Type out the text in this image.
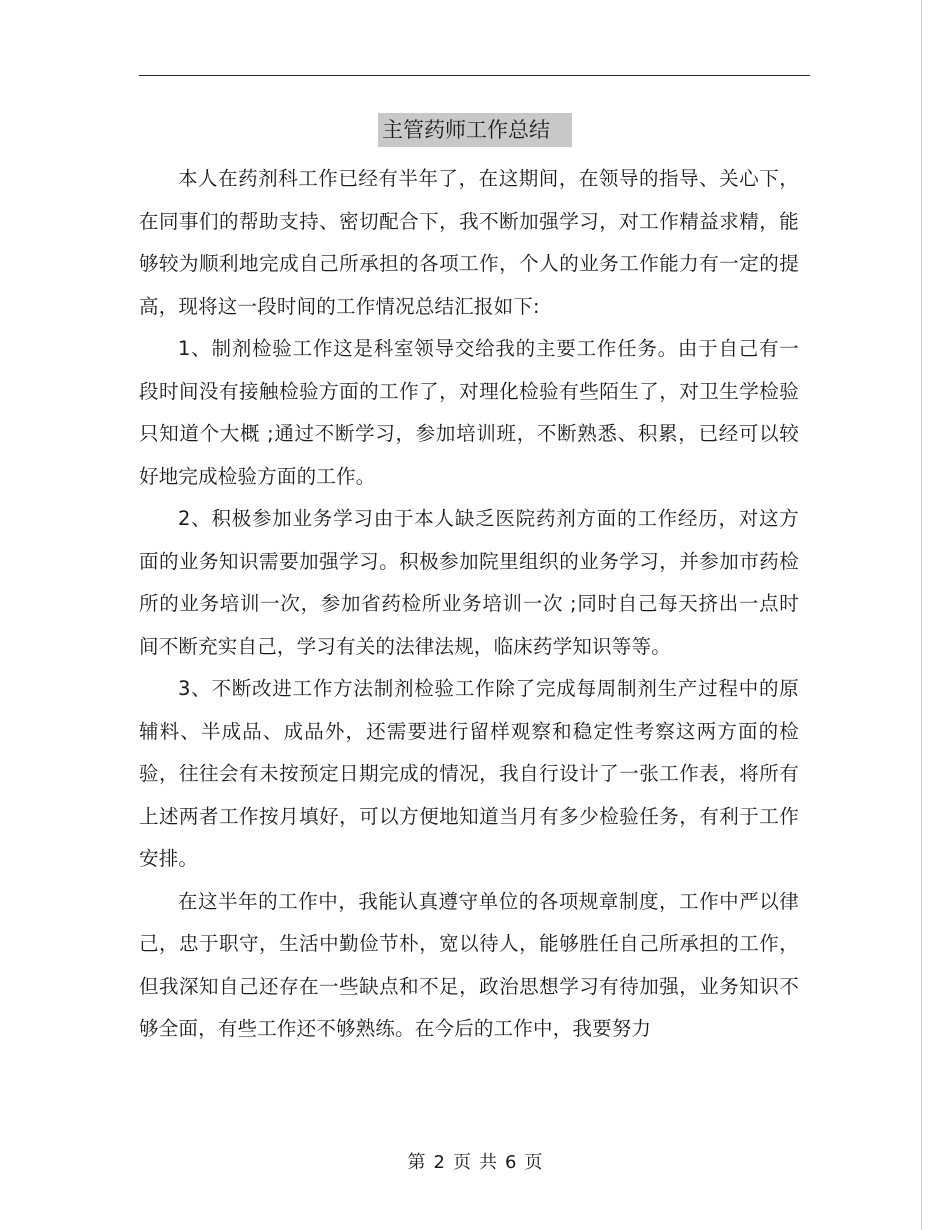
主管药师工作总结

本人在药剂科工作已经有半年了，在这期间，在领导的指导、关心下，在同事们的帮助支持、密切配合下，我不断加强学习，对工作精益求精，能够较为顺利地完成自己所承担的各项工作，个人的业务工作能力有一定的提高，现将这一段时间的工作情况总结汇报如下:

1、制剂检验工作这是科室领导交给我的主要工作任务。由于自己有一段时间没有接触检验方面的工作了，对理化检验有些陌生了，对卫生学检验只知道个大概 ;通过不断学习，参加培训班，不断熟悉、积累，已经可以较好地完成检验方面的工作。

2、积极参加业务学习由于本人缺乏医院药剂方面的工作经历，对这方面的业务知识需要加强学习。积极参加院里组织的业务学习，并参加市药检所的业务培训一次，参加省药检所业务培训一次 ;同时自己每天挤出一点时间不断充实自己，学习有关的法律法规，临床药学知识等等。

3、不断改进工作方法制剂检验工作除了完成每周制剂生产过程中的原辅料、半成品、成品外，还需要进行留样观察和稳定性考察这两方面的检验，往往会有未按预定日期完成的情况，我自行设计了一张工作表，将所有上述两者工作按月填好，可以方便地知道当月有多少检验任务，有利于工作安排。

在这半年的工作中，我能认真遵守单位的各项规章制度，工作中严以律己，忠于职守，生活中勤俭节朴，宽以待人，能够胜任自己所承担的工作，但我深知自己还存在一些缺点和不足，政治思想学习有待加强，业务知识不够全面，有些工作还不够熟练。在今后的工作中，我要努力

第 2 页 共 6 页
